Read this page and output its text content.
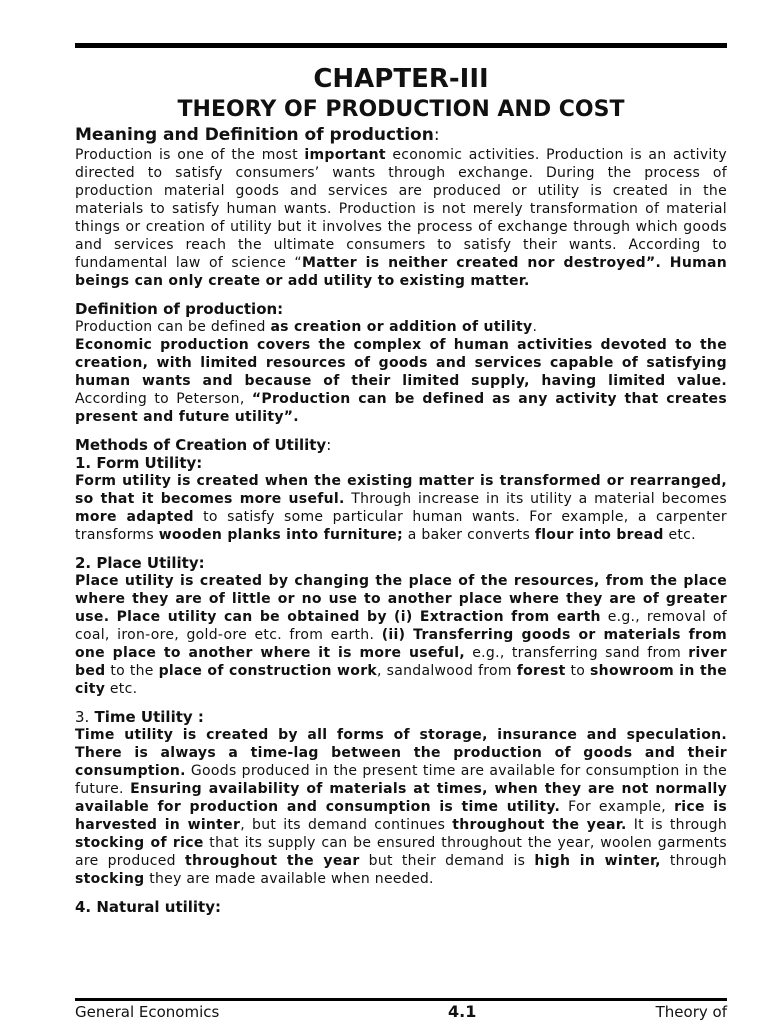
CHAPTER-III
THEORY OF PRODUCTION AND COST
Meaning and Definition of production:

Production is one of the most important economic activities. Production is an activity directed to satisfy consumers’ wants through exchange. During the process of production material goods and services are produced or utility is created in the materials to satisfy human wants. Production is not merely transformation of material things or creation of utility but it involves the process of exchange through which goods and services reach the ultimate consumers to satisfy their wants. According to fundamental law of science “Matter is neither created nor destroyed”. Human beings can only create or add utility to existing matter.

Definition of production:

Production can be defined as creation or addition of utility.

Economic production covers the complex of human activities devoted to the creation, with limited resources of goods and services capable of satisfying human wants and because of their limited supply, having limited value. According to Peterson, “Production can be defined as any activity that creates present and future utility”.

Methods of Creation of Utility:
1. Form Utility:

Form utility is created when the existing matter is transformed or rearranged, so that it becomes more useful. Through increase in its utility a material becomes more adapted to satisfy some particular human wants. For example, a carpenter transforms wooden planks into furniture; a baker converts flour into bread etc.

2. Place Utility:

Place utility is created by changing the place of the resources, from the place where they are of little or no use to another place where they are of greater use. Place utility can be obtained by (i) Extraction from earth e.g., removal of coal, iron-ore, gold-ore etc. from earth. (ii) Transferring goods or materials from one place to another where it is more useful, e.g., transferring sand from river bed to the place of construction work, sandalwood from forest to showroom in the city etc.

3. Time Utility :

Time utility is created by all forms of storage, insurance and speculation. There is always a time-lag between the production of goods and their consumption. Goods produced in the present time are available for consumption in the future. Ensuring availability of materials at times, when they are not normally available for production and consumption is time utility. For example, rice is harvested in winter, but its demand continues throughout the year. It is through stocking of rice that its supply can be ensured throughout the year, woolen garments are produced throughout the year but their demand is high in winter, through stocking they are made available when needed.

4. Natural utility:
General Economics	4.1	Theory of
